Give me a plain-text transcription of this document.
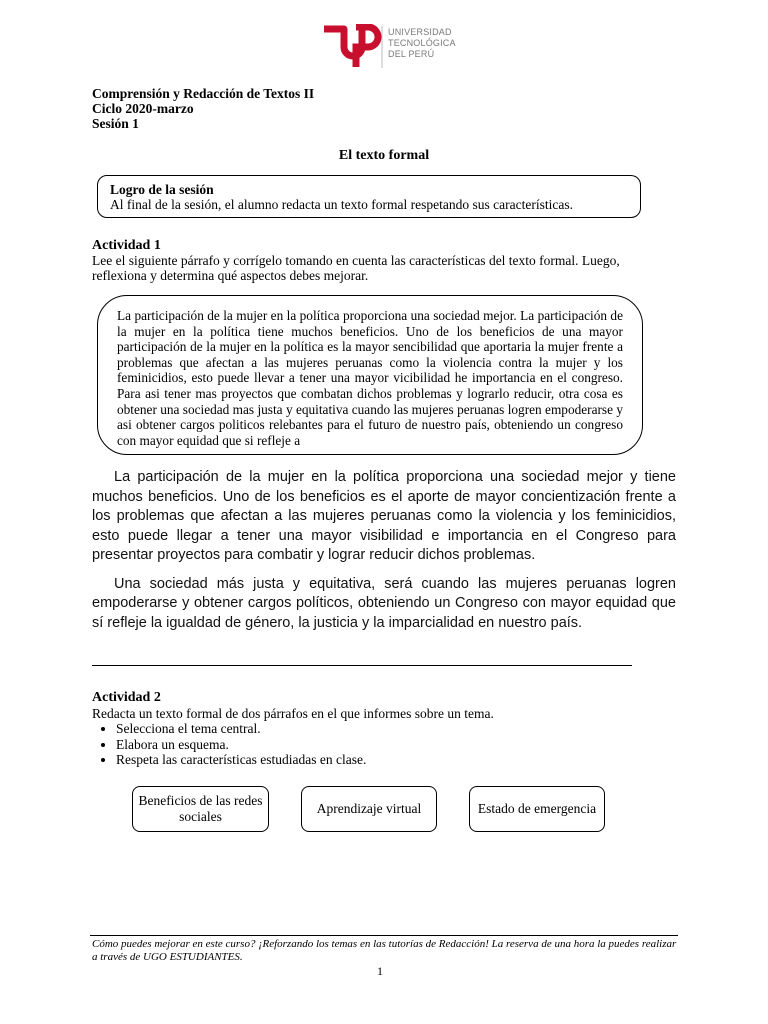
UNIVERSIDAD
TECNOLÓGICA
DEL PERÚ
Comprensión y Redacción de Textos II
Ciclo 2020-marzo
Sesión 1
El texto formal
Logro de la sesión
Al final de la sesión, el alumno redacta un texto formal respetando sus características.
Actividad 1
Lee el siguiente párrafo y corrígelo tomando en cuenta las características del texto formal. Luego, reflexiona y determina qué aspectos debes mejorar.

La participación de la mujer en la política proporciona una sociedad mejor. La participación de la mujer en la política tiene muchos beneficios. Uno de los beneficios de una mayor participación de la mujer en la política es la mayor sencibilidad que aportaria la mujer frente a problemas que afectan a las mujeres peruanas como la violencia contra la mujer y los feminicidios, esto puede llevar a tener una mayor vicibilidad he importancia en el congreso. Para asi tener mas proyectos que combatan dichos problemas y lograrlo reducir, otra cosa es obtener una sociedad mas justa y equitativa cuando las mujeres peruanas logren empoderarse y asi obtener cargos politicos relebantes para el futuro de nuestro país, obteniendo un congreso con mayor equidad que si refleje a

La participación de la mujer en la política proporciona una sociedad mejor y tiene muchos beneficios. Uno de los beneficios es el aporte de mayor concientización frente a los problemas que afectan a las mujeres peruanas como la violencia y los feminicidios, esto puede llegar a tener una mayor visibilidad e importancia en el Congreso para presentar proyectos para combatir y lograr reducir dichos problemas.

Una sociedad más justa y equitativa, será cuando las mujeres peruanas logren empoderarse y obtener cargos políticos, obteniendo un Congreso con mayor equidad que sí refleje la igualdad de género, la justicia y la imparcialidad en nuestro país.

Actividad 2
Redacta un texto formal de dos párrafos en el que informes sobre un tema.
• Selecciona el tema central.
• Elabora un esquema.
• Respeta las características estudiadas en clase.
Beneficios de las redes sociales
Aprendizaje virtual	Estado de emergencia
Cómo puedes mejorar en este curso? ¡Reforzando los temas en las tutorías de Redacción! La reserva de una hora la puedes realizar a través de UGO ESTUDIANTES.
1
